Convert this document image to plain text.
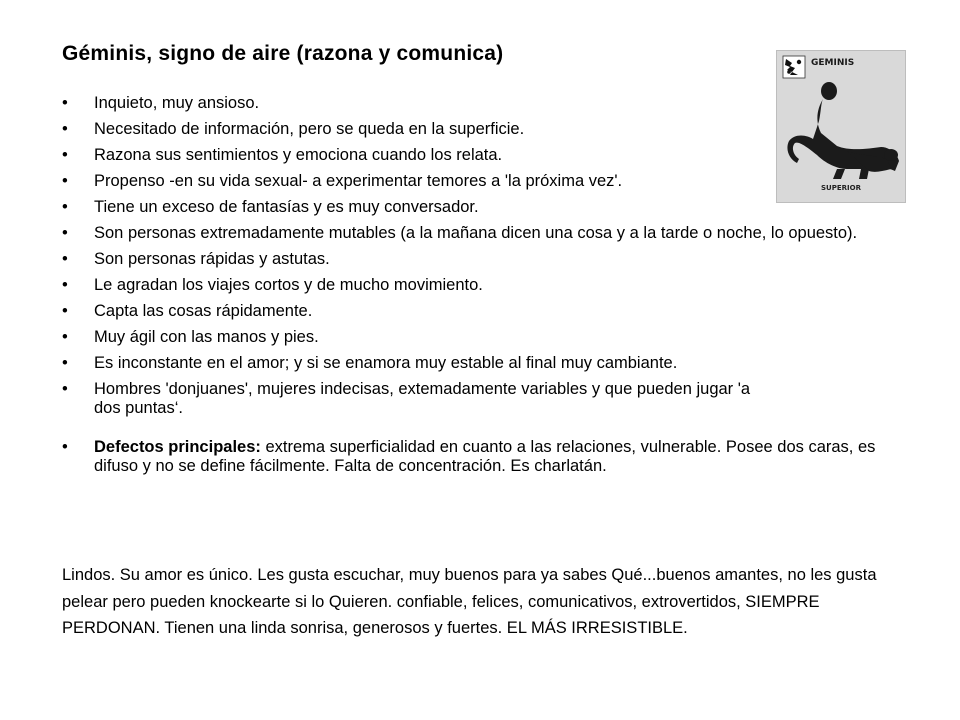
Géminis, signo de aire (razona y comunica)
• Inquieto, muy ansioso.
• Necesitado de información, pero se queda en la superficie.
• Razona sus sentimientos y emociona cuando los relata.
• Propenso -en su vida sexual- a experimentar temores a 'la próxima vez'.
• Tiene un exceso de fantasías y es muy conversador.
• Son personas extremadamente mutables (a la mañana dicen una cosa y a la tarde o noche, lo opuesto).
• Son personas rápidas y astutas.
• Le agradan los viajes cortos y de mucho movimiento.
• Capta las cosas rápidamente.
• Muy ágil con las manos y pies.
• Es inconstante en el amor; y si se enamora muy estable al final muy cambiante.
• Hombres 'donjuanes', mujeres indecisas, extemadamente variables y que pueden jugar 'a dos puntas‘.
• Defectos principales: extrema superficialidad en cuanto a las relaciones, vulnerable. Posee dos caras, es difuso y no se define fácilmente. Falta de concentración. Es charlatán.

Lindos. Su amor es único. Les gusta escuchar, muy buenos para ya sabes Qué...buenos amantes, no les gusta pelear pero pueden knockearte si lo Quieren. confiable, felices, comunicativos, extrovertidos, SIEMPRE PERDONAN. Tienen una linda sonrisa, generosos y fuertes. EL MÁS IRRESISTIBLE.

GEMINIS
SUPERIOR
